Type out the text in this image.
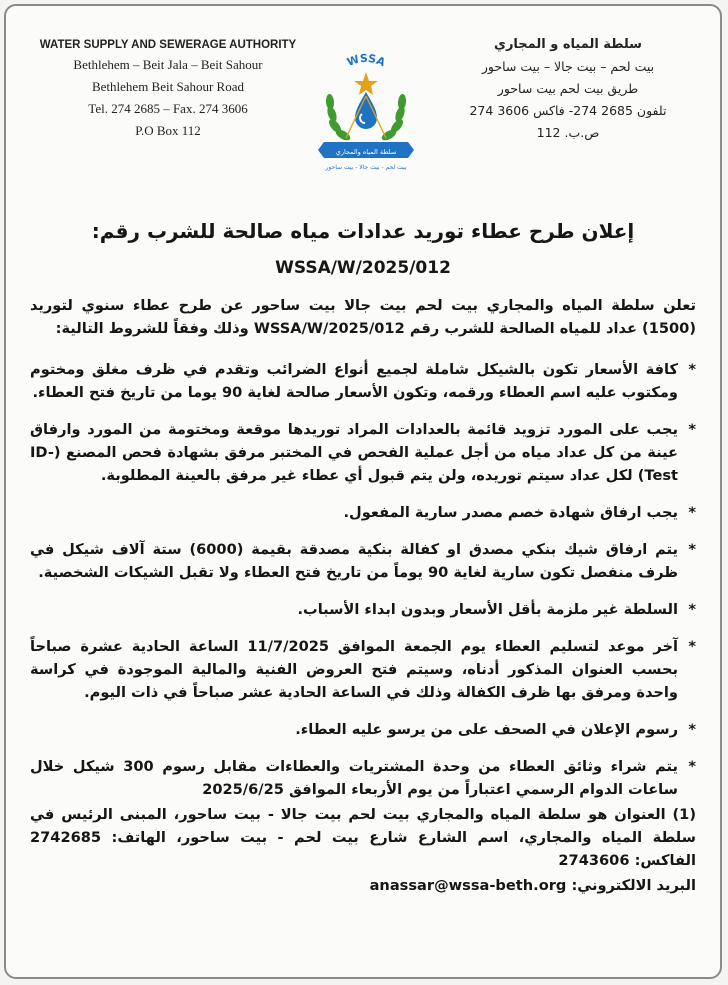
WATER SUPPLY AND SEWERAGE AUTHORITY
Bethlehem – Beit Jala – Beit Sahour
Bethlehem Beit Sahour Road
Tel. 274 2685 – Fax. 274 3606
P.O Box 112
WSSA
سلطة المياه والمجاري
بيت لحم - بيت جالا - بيت ساحور
سلطة المياه و المجاري
بيت لحم – بيت جالا – بيت ساحور
طريق بيت لحم بيت ساحور
تلفون 2685 274- فاكس 3606 274
ص.ب. 112
إعلان طرح عطاء توريد عدادات مياه صالحة للشرب رقم:
WSSA/W/2025/012

تعلن سلطة المياه والمجاري بيت لحم بيت جالا بيت ساحور عن طرح عطاء سنوي لتوريد (1500) عداد للمياه الصالحة للشرب رقم WSSA/W/2025/012 وذلك وفقاً للشروط التالية:

*
كافة الأسعار تكون بالشيكل شاملة لجميع أنواع الضرائب وتقدم في ظرف مغلق ومختوم ومكتوب عليه اسم العطاء ورقمه، وتكون الأسعار صالحة لغاية 90 يوما من تاريخ فتح العطاء.
*
يجب على المورد تزويد قائمة بالعدادات المراد توريدها موقعة ومختومة من المورد وارفاق عينة من كل عداد مياه من أجل عملية الفحص في المختبر مرفق بشهادة فحص المصنع (ID-Test) لكل عداد سيتم توريده، ولن يتم قبول أي عطاء غير مرفق بالعينة المطلوبة.
*
يجب ارفاق شهادة خصم مصدر سارية المفعول.
*
يتم ارفاق شيك بنكي مصدق او كفالة بنكية مصدقة بقيمة (6000) ستة آلاف شيكل في ظرف منفصل تكون سارية لغاية 90 يوماً من تاريخ فتح العطاء ولا تقبل الشيكات الشخصية.
*
السلطة غير ملزمة بأقل الأسعار وبدون ابداء الأسباب.
*
آخر موعد لتسليم العطاء يوم الجمعة الموافق 11/7/2025 الساعة الحادية عشرة صباحاً بحسب العنوان المذكور أدناه، وسيتم فتح العروض الفنية والمالية الموجودة في كراسة واحدة ومرفق بها ظرف الكفالة وذلك في الساعة الحادية عشر صباحاً في ذات اليوم.
*
رسوم الإعلان في الصحف على من يرسو عليه العطاء.
*
يتم شراء وثائق العطاء من وحدة المشتريات والعطاءات مقابل رسوم 300 شيكل خلال ساعات الدوام الرسمي اعتباراً من يوم الأربعاء الموافق 2025/6/25

(1) العنوان هو سلطة المياه والمجاري بيت لحم بيت جالا - بيت ساحور، المبنى الرئيس في سلطة المياه والمجاري، اسم الشارع شارع بيت لحم - بيت ساحور، الهاتف: 2742685 الفاكس: 2743606

البريد الالكتروني: anassar@wssa-beth.org
